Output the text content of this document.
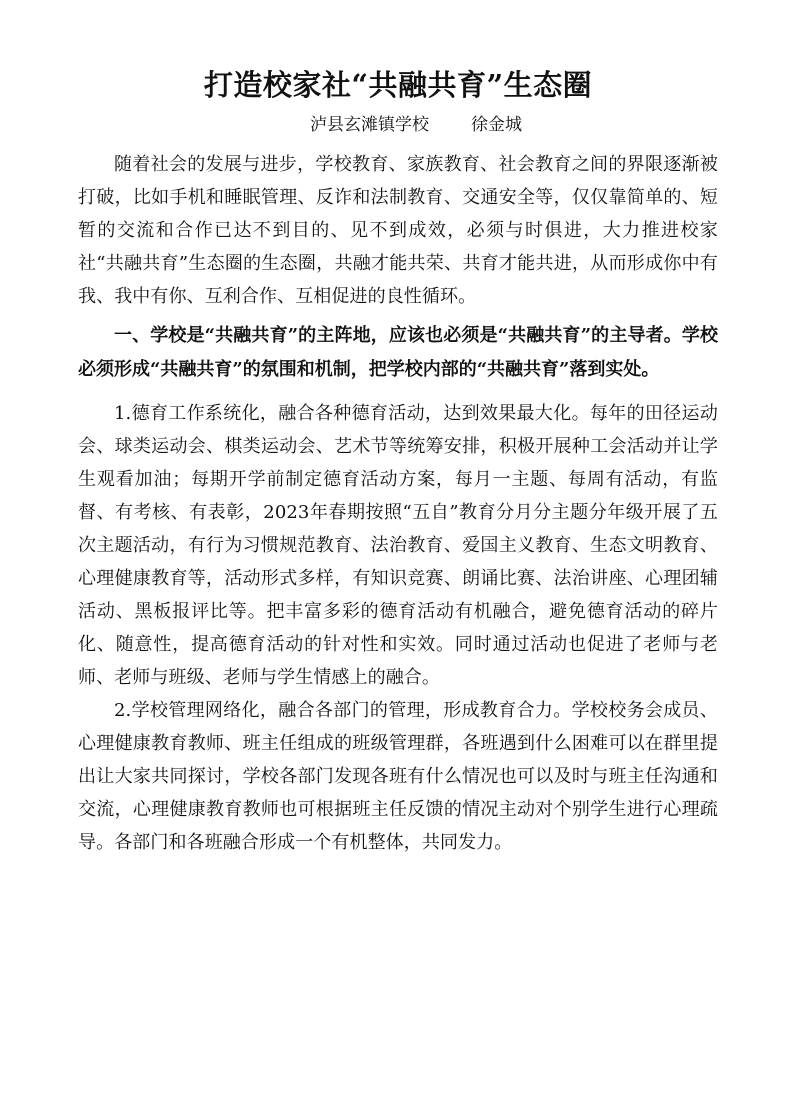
打造校家社“共融共育”生态圈

泸县玄滩镇学校 徐金城

随着社会的发展与进步，学校教育、家族教育、社会教育之间的界限逐渐被打破，比如手机和睡眠管理、反诈和法制教育、交通安全等，仅仅靠简单的、短暂的交流和合作已达不到目的、见不到成效，必须与时俱进，大力推进校家社“共融共育”生态圈的生态圈，共融才能共荣、共育才能共进，从而形成你中有我、我中有你、互利合作、互相促进的良性循环。

一、学校是“共融共育”的主阵地，应该也必须是“共融共育”的主导者。学校必须形成“共融共育”的氛围和机制，把学校内部的“共融共育”落到实处。

1.德育工作系统化，融合各种德育活动，达到效果最大化。每年的田径运动会、球类运动会、棋类运动会、艺术节等统筹安排，积极开展种工会活动并让学生观看加油；每期开学前制定德育活动方案，每月一主题、每周有活动，有监督、有考核、有表彰，2023年春期按照“五自”教育分月分主题分年级开展了五次主题活动，有行为习惯规范教育、法治教育、爱国主义教育、生态文明教育、心理健康教育等，活动形式多样，有知识竞赛、朗诵比赛、法治讲座、心理团辅活动、黑板报评比等。把丰富多彩的德育活动有机融合，避免德育活动的碎片化、随意性，提高德育活动的针对性和实效。同时通过活动也促进了老师与老师、老师与班级、老师与学生情感上的融合。

2.学校管理网络化，融合各部门的管理，形成教育合力。学校校务会成员、心理健康教育教师、班主任组成的班级管理群，各班遇到什么困难可以在群里提出让大家共同探讨，学校各部门发现各班有什么情况也可以及时与班主任沟通和交流，心理健康教育教师也可根据班主任反馈的情况主动对个别学生进行心理疏导。各部门和各班融合形成一个有机整体，共同发力。
